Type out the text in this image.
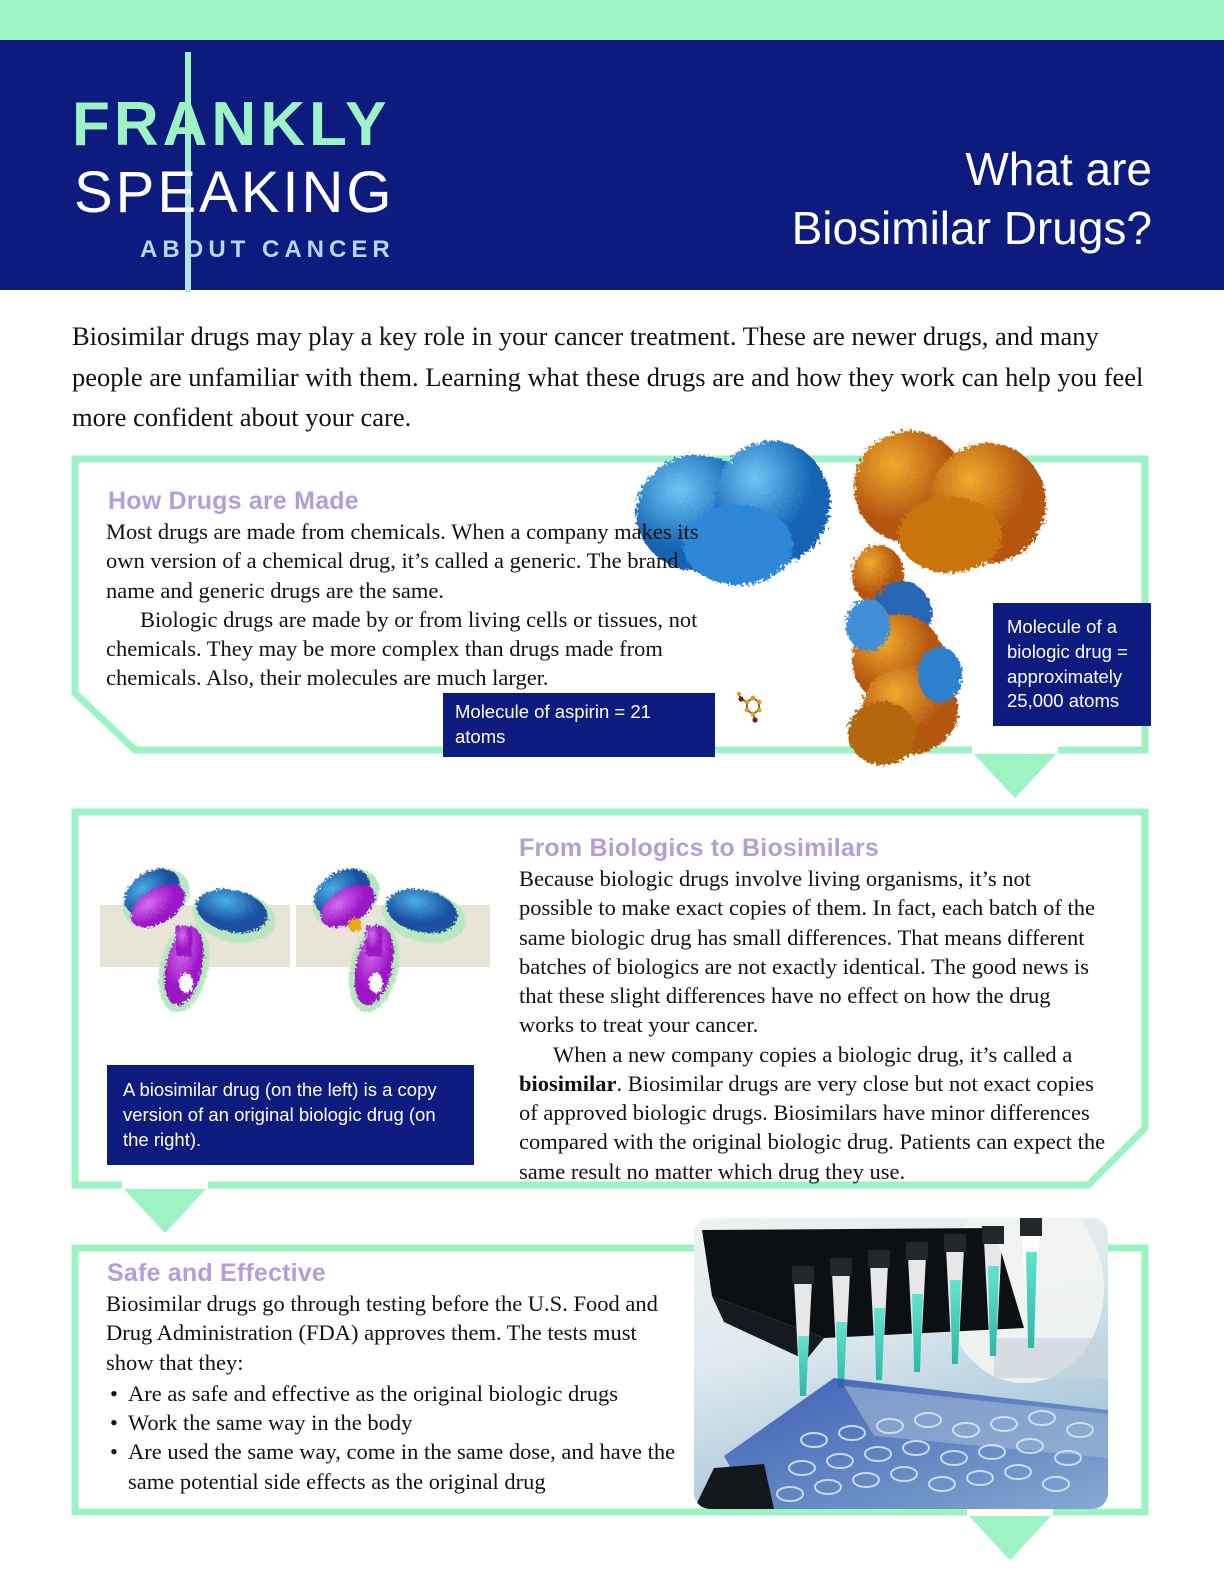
FRANKLY
SPEAKING
ABOUT CANCER
What are
Biosimilar Drugs?
Biosimilar drugs may play a key role in your cancer treatment. These are newer drugs, and many people are unfamiliar with them. Learning what these drugs are and how they work can help you feel more confident about your care.
How Drugs are Made

Most drugs are made from chemicals. When a company makes its own version of a chemical drug, it’s called a generic. The brand name and generic drugs are the same.

Biologic drugs are made by or from living cells or tissues, not chemicals. They may be more complex than drugs made from chemicals. Also, their molecules are much larger.

Molecule of aspirin = 21 atoms
Molecule of a biologic drug = approximately 25,000 atoms
From Biologics to Biosimilars

Because biologic drugs involve living organisms, it’s not possible to make exact copies of them. In fact, each batch of the same biologic drug has small differences. That means different batches of biologics are not exactly identical. The good news is that these slight differences have no effect on how the drug works to treat your cancer.

When a new company copies a biologic drug, it’s called a biosimilar. Biosimilar drugs are very close but not exact copies of approved biologic drugs. Biosimilars have minor differences compared with the original biologic drug. Patients can expect the same result no matter which drug they use.

A biosimilar drug (on the left) is a copy version of an original biologic drug (on the right).
Safe and Effective

Biosimilar drugs go through testing before the U.S. Food and Drug Administration (FDA) approves them. The tests must show that they:

• Are as safe and effective as the original biologic drugs
• Work the same way in the body
• Are used the same way, come in the same dose, and have the same potential side effects as the original drug
